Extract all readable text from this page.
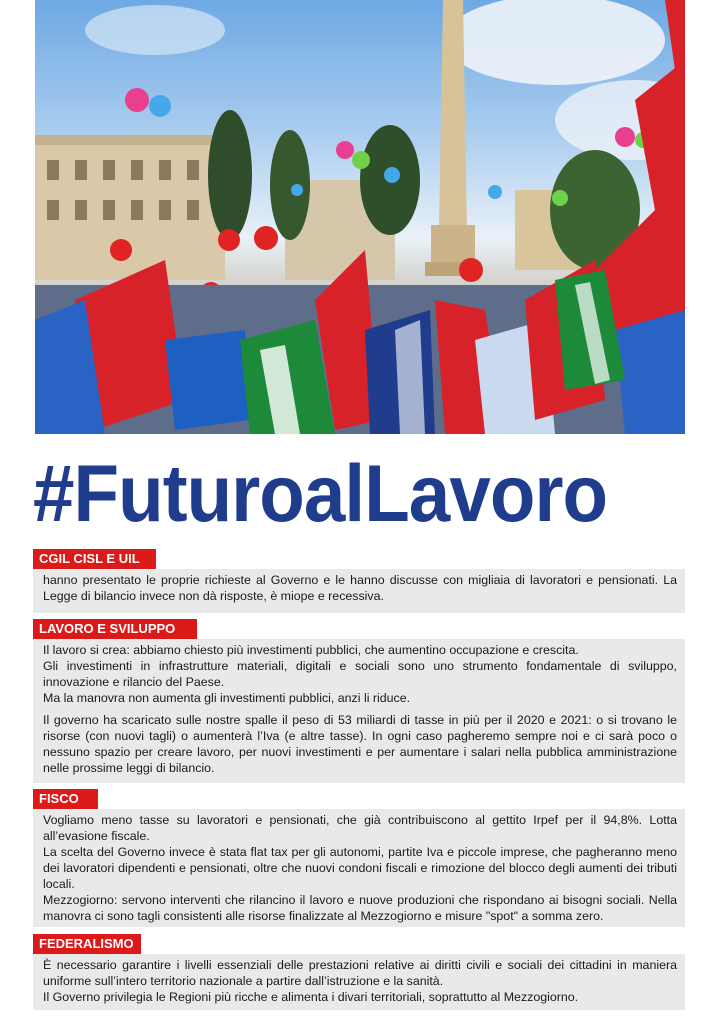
#FuturoalLavoro
CGIL CISL E UIL

hanno presentato le proprie richieste al Governo e le hanno discusse con migliaia di lavoratori e pensionati. La Legge di bilancio invece non dà risposte, è miope e recessiva.

LAVORO E SVILUPPO

Il lavoro si crea: abbiamo chiesto più investimenti pubblici, che aumentino occupazione e crescita.

Gli investimenti in infrastrutture materiali, digitali e sociali sono uno strumento fondamentale di sviluppo, innovazione e rilancio del Paese.

Ma la manovra non aumenta gli investimenti pubblici, anzi li riduce.

Il governo ha scaricato sulle nostre spalle il peso di 53 miliardi di tasse in più per il 2020 e 2021: o si trovano le risorse (con nuovi tagli) o aumenterà l’Iva (e altre tasse). In ogni caso pagheremo sempre noi e ci sarà poco o nessuno spazio per creare lavoro, per nuovi investimenti e per aumentare i salari nella pubblica amministrazione nelle prossime leggi di bilancio.

FISCO

Vogliamo meno tasse su lavoratori e pensionati, che già contribuiscono al gettito Irpef per il 94,8%. Lotta all’evasione fiscale.

La scelta del Governo invece è stata flat tax per gli autonomi, partite Iva e piccole imprese, che pagheranno meno dei lavoratori dipendenti e pensionati, oltre che nuovi condoni fiscali e rimozione del blocco degli aumenti dei tributi locali.

Mezzogiorno: servono interventi che rilancino il lavoro e nuove produzioni che rispondano ai bisogni sociali. Nella manovra ci sono tagli consistenti alle risorse finalizzate al Mezzogiorno e misure "spot" a somma zero.

FEDERALISMO

È necessario garantire i livelli essenziali delle prestazioni relative ai diritti civili e sociali dei cittadini in maniera uniforme sull’intero territorio nazionale a partire dall’istruzione e la sanità.

Il Governo privilegia le Regioni più ricche e alimenta i divari territoriali, soprattutto al Mezzogiorno.
